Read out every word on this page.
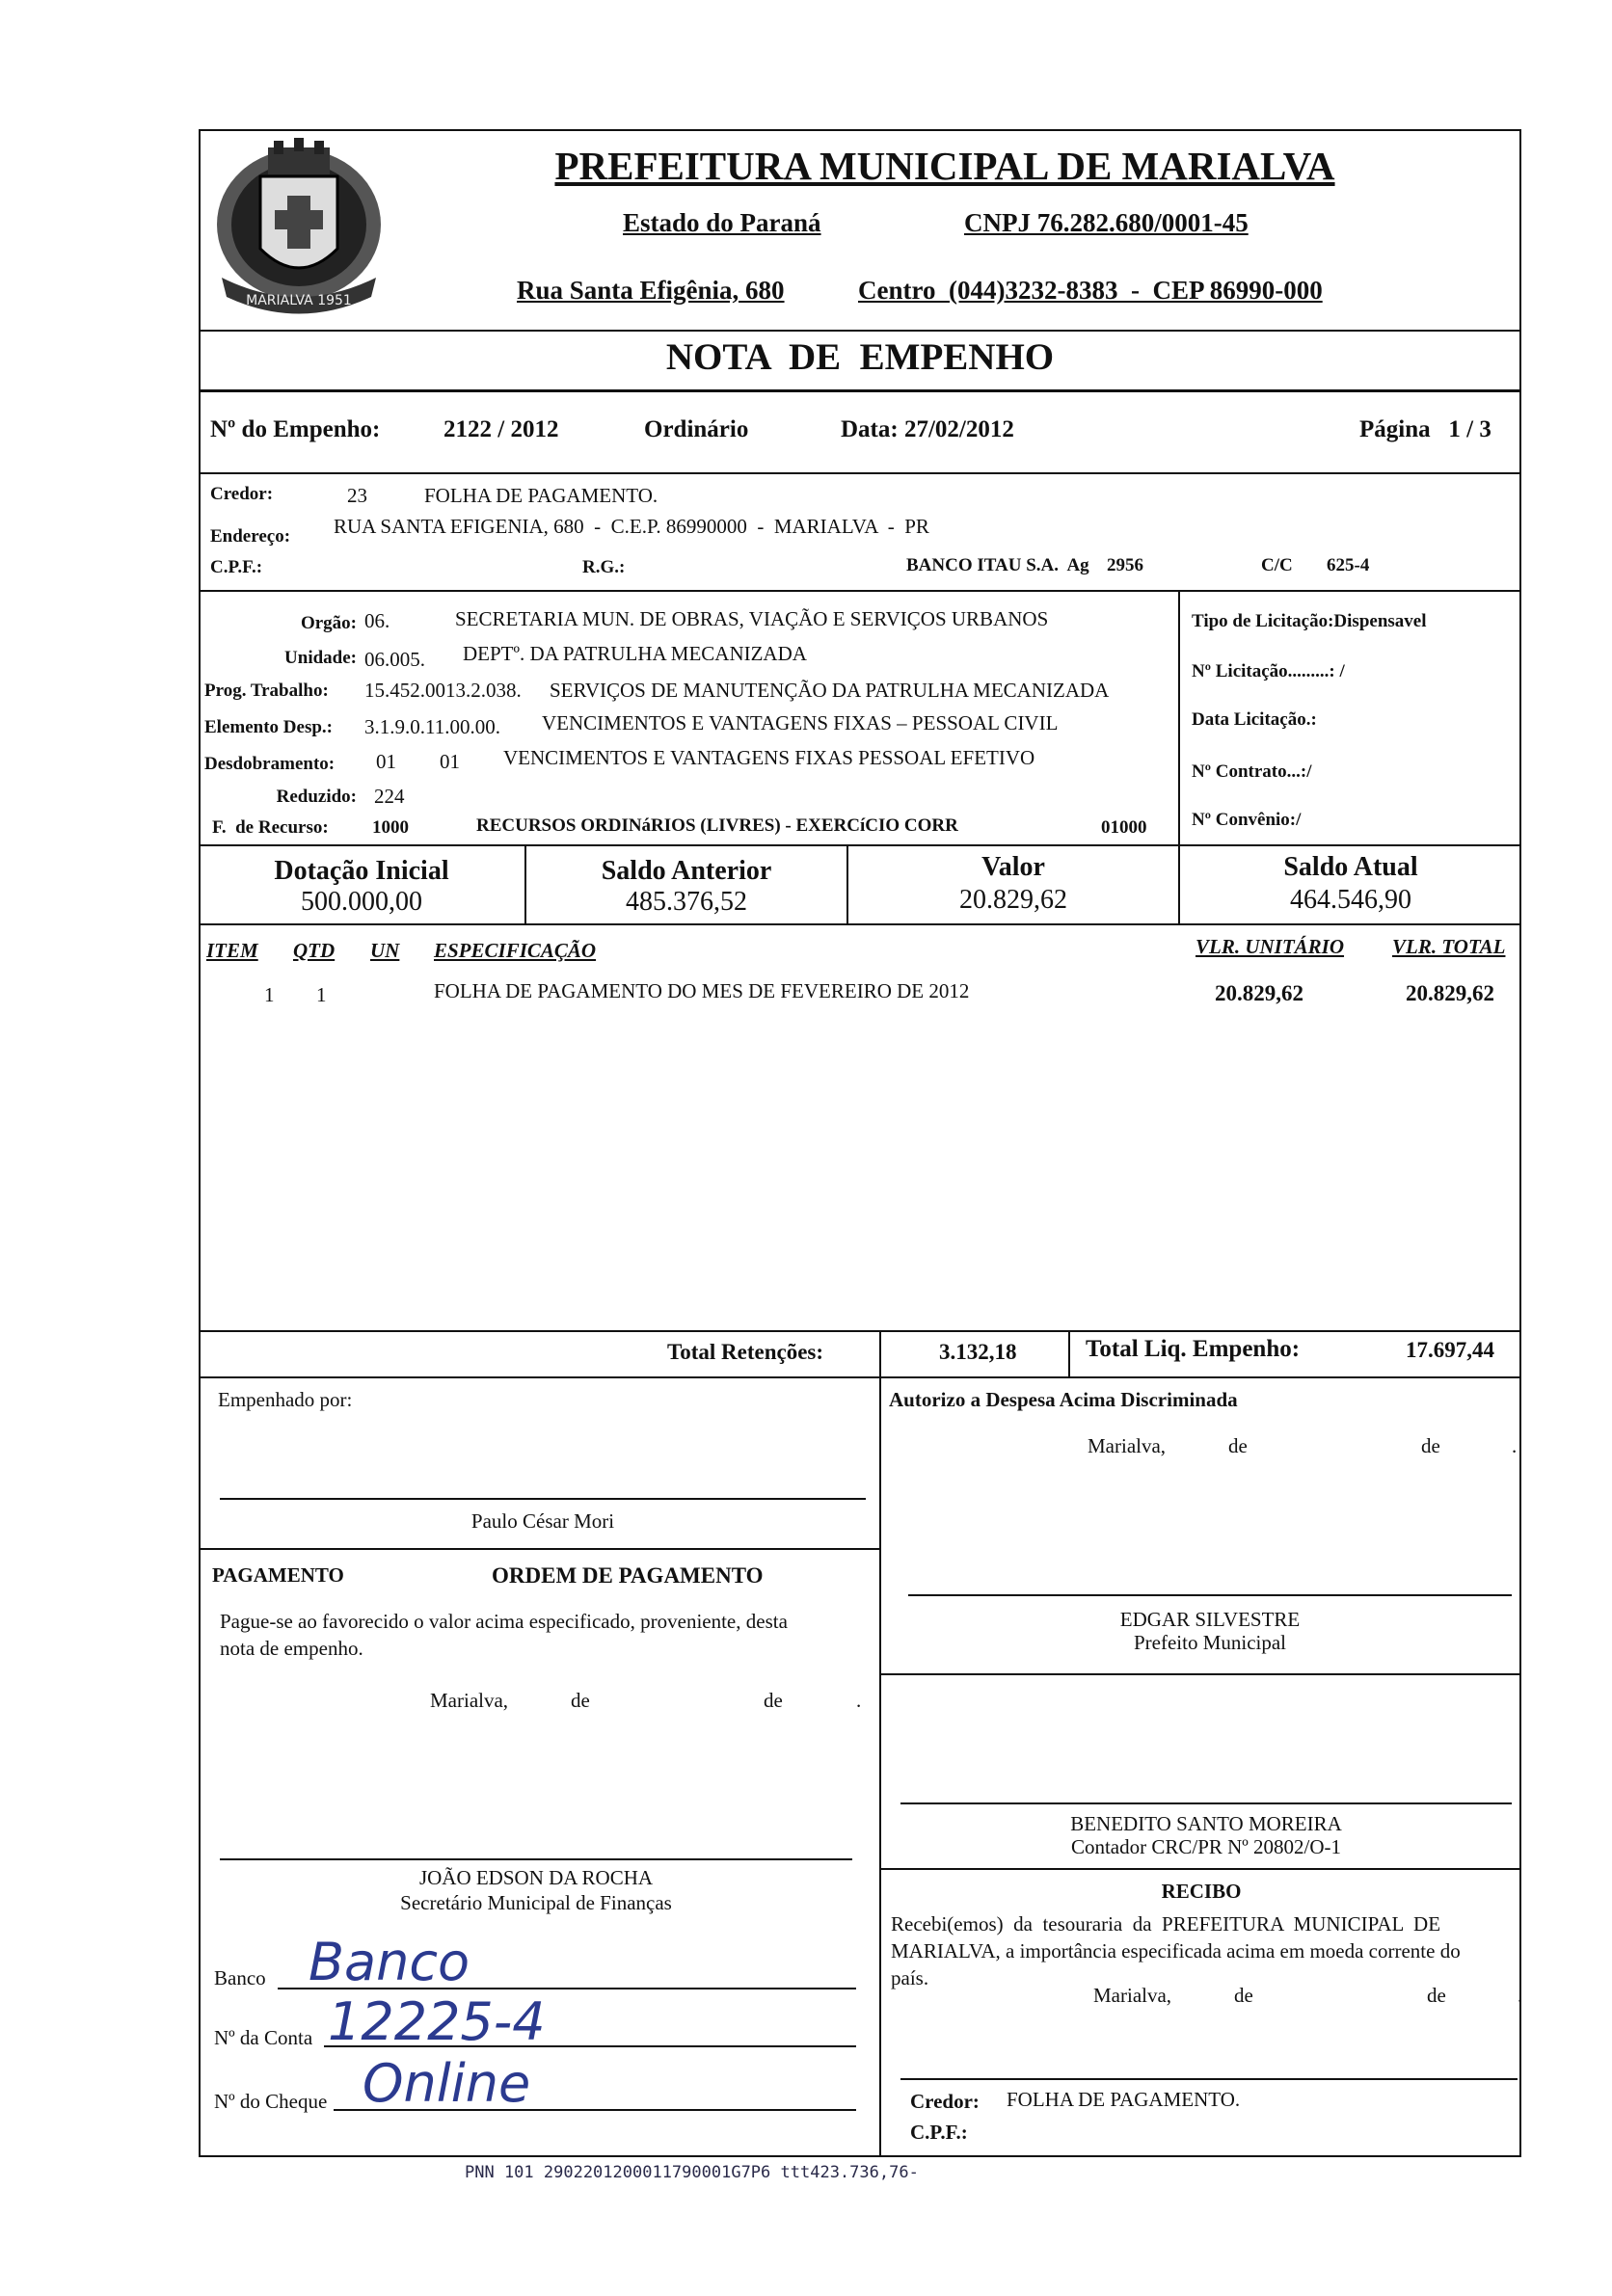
MARIALVA 1951
PREFEITURA MUNICIPAL DE MARIALVA
Estado do Paraná	CNPJ 76.282.680/0001-45
Rua Santa Efigênia, 680	Centro  (044)3232-8383  -  CEP 86990-000
NOTA  DE  EMPENHO
Nº do Empenho:	2122 / 2012	Ordinário	Data: 27/02/2012	Página   1 / 3
Credor:	23	FOLHA DE PAGAMENTO.
Endereço: RUA SANTA EFIGENIA, 680  -  C.E.P. 86990000  -  MARIALVA  -  PR
C.P.F.:	R.G.:	BANCO ITAU S.A.  Ag 2956	C/C 625-4
Orgão: 06.	SECRETARIA MUN. DE OBRAS, VIAÇÃO E SERVIÇOS URBANOS
Unidade: 06.005. DEPTº. DA PATRULHA MECANIZADA
Prog. Trabalho: 15.452.0013.2.038. SERVIÇOS DE MANUTENÇÃO DA PATRULHA MECANIZADA
Elemento Desp.: 3.1.9.0.11.00.00. VENCIMENTOS E VANTAGENS FIXAS – PESSOAL CIVIL
Desdobramento: 01 01 VENCIMENTOS E VANTAGENS FIXAS PESSOAL EFETIVO
Reduzido: 224
F.  de Recurso: 1000	RECURSOS ORDINáRIOS (LIVRES) - EXERCíCIO CORR	01000
Tipo de Licitação:Dispensavel
Nº Licitação.........: /
Data Licitação.:
Nº Contrato...:/
Nº Convênio:/
Dotação Inicial
500.000,00
Saldo Anterior
485.376,52
Valor
20.829,62
Saldo Atual
464.546,90
ITEM QTD UN ESPECIFICAÇÃO	VLR. UNITÁRIO VLR. TOTAL
1 1	FOLHA DE PAGAMENTO DO MES DE FEVEREIRO DE 2012	20.829,62	20.829,62
Total Retenções:	3.132,18	Total Liq. Empenho:	17.697,44
Empenhado por:
Paulo César Mori
PAGAMENTO	ORDEM DE PAGAMENTO
Pague-se ao favorecido o valor acima especificado, proveniente, desta
nota de empenho.
Marialva,	de	de	.
JOÃO EDSON DA ROCHA
Secretário Municipal de Finanças
Banco Banco
Nº da Conta 12225-4
Nº do Cheque Online
Autorizo a Despesa Acima Discriminada
Marialva,	de	de	.
EDGAR SILVESTRE
Prefeito Municipal
BENEDITO SANTO MOREIRA
Contador CRC/PR Nº 20802/O-1
RECIBO
Recebi(emos)  da  tesouraria  da  PREFEITURA  MUNICIPAL  DE
MARIALVA, a importância especificada acima em moeda corrente do
país.
Marialva,	de	de	.
Credor: FOLHA DE PAGAMENTO.
C.P.F.:
PNN 101 2902201200011790001G7P6 ttt423.736,76-
